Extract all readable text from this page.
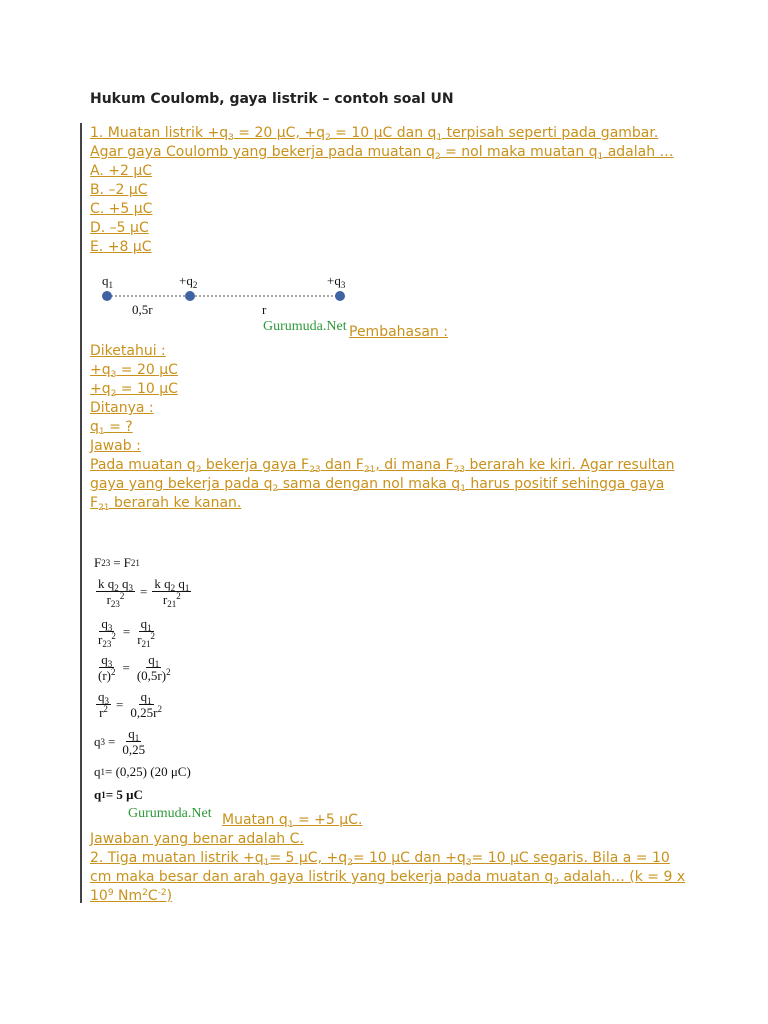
Hukum Coulomb, gaya listrik – contoh soal UN
1. Muatan listrik $+q_3 = 20$ μC, $+q_2 = 10$ μC dan $q_1$ terpisah seperti pada gambar.
Agar gaya Coulomb yang bekerja pada muatan $q_2$ = nol maka muatan $q_1$ adalah …
A. +2 μC
B. –2 μC
C. +5 μC
D. –5 μC
E. +8 μC
$q_1$	$+q_2$	$+q_3$
0,5r	r
Gurumuda.Net Pembahasan :
Diketahui :
$+q_3 = 20$ μC
$+q_2 = 10$ μC
Ditanya :
$q_1$ = ?
Jawab :
Pada muatan $q_2$ bekerja gaya $F_{23}$ dan $F_{21}$, di mana $F_{23}$ berarah ke kiri. Agar resultan
gaya yang bekerja pada $q_2$ sama dengan nol maka $q_1$ harus positif sehingga gaya
$F_{21}$ berarah ke kanan.
F 23 = F 21
$\frac{k q_2 q_3}{r_{23}^2} = \frac{k q_2 q_1}{r_{21}^2}$
$\frac{q_3}{r_{23}^2} = \frac{q_1}{r_{21}^2}$
$\frac{q_3}{(r)^2} = \frac{q_1}{(0,5r)^2}$
$\frac{q_3}{r^2} = \frac{q_1}{0,25r^2}$
q $3 = \frac{q_1}{0,25}$
q 1 = (0,25) (20 μC)
q 1 = 5 μC
Gurumuda.Net Muatan $q_1 = +5$ μC.
Jawaban yang benar adalah C.
2. Tiga muatan listrik $+q_1= 5$ μC, $+q_2= 10$ μC dan $+q_3= 10$ μC segaris. Bila a = 10
cm maka besar dan arah gaya listrik yang bekerja pada muatan $q_2$ adalah… (k = 9 x
$10^9$ $Nm^2C^{-2}$)
